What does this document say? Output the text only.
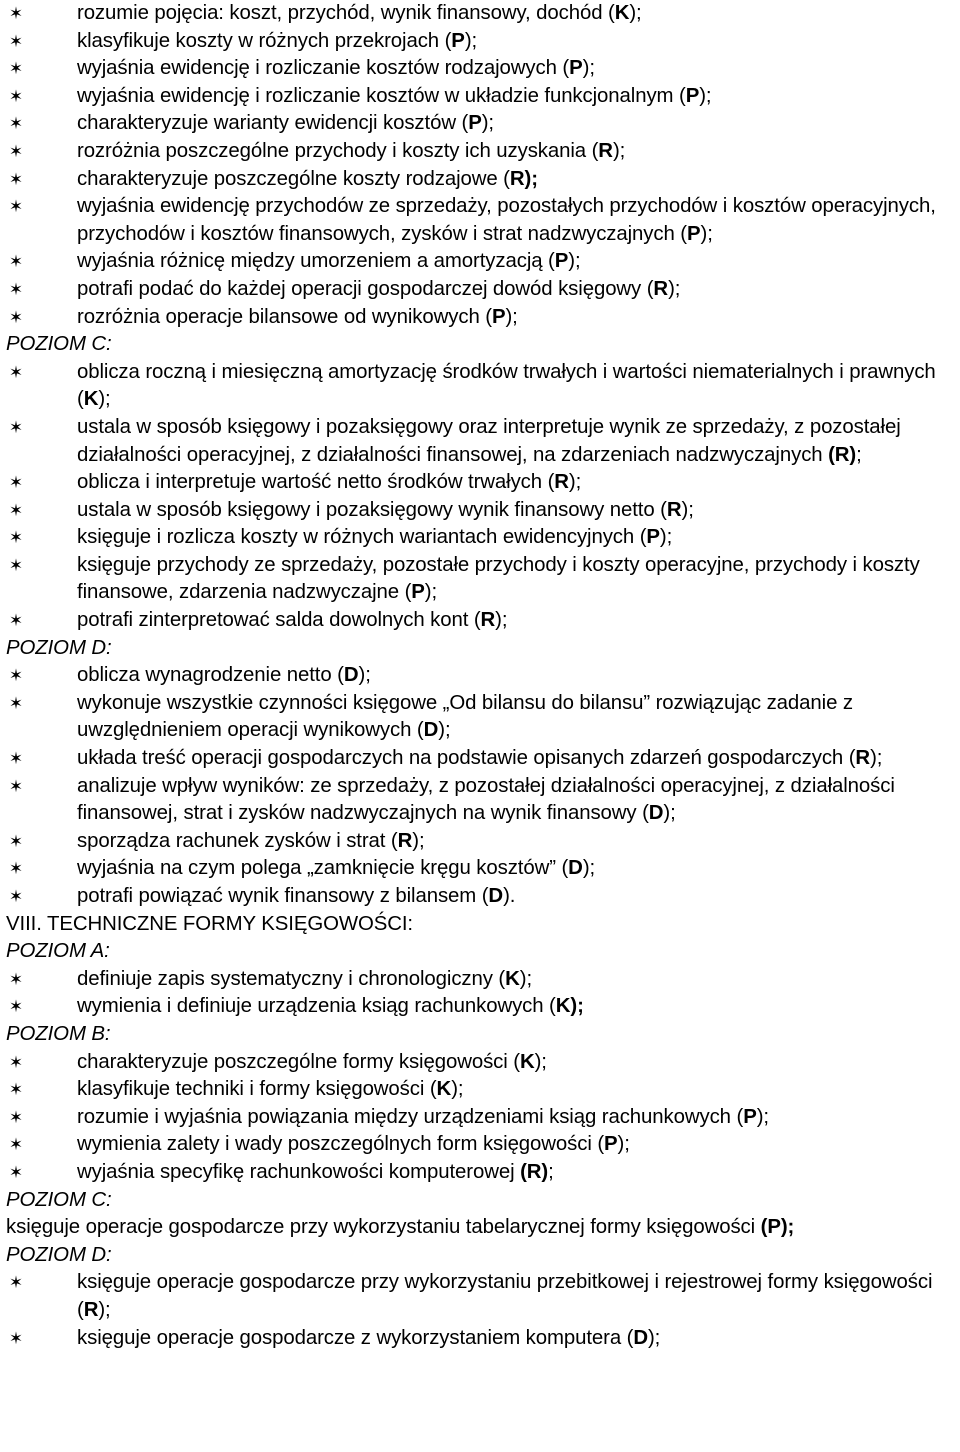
✶	rozumie pojęcia: koszt, przychód, wynik finansowy, dochód (K);
✶	klasyfikuje koszty w różnych przekrojach (P);
✶	wyjaśnia ewidencję i rozliczanie kosztów rodzajowych (P);
✶	wyjaśnia ewidencję i rozliczanie kosztów w układzie funkcjonalnym (P);
✶	charakteryzuje warianty ewidencji kosztów (P);
✶	rozróżnia poszczególne przychody i koszty ich uzyskania (R);
✶	charakteryzuje poszczególne koszty rodzajowe (R);
✶	wyjaśnia ewidencję przychodów ze sprzedaży, pozostałych przychodów i kosztów operacyjnych, przychodów i kosztów finansowych, zysków i strat nadzwyczajnych (P);
✶	wyjaśnia różnicę między umorzeniem a amortyzacją (P);
✶	potrafi podać do każdej operacji gospodarczej dowód księgowy (R);
✶	rozróżnia operacje bilansowe od wynikowych (P);
POZIOM C:
✶	oblicza roczną i miesięczną amortyzację środków trwałych i wartości niematerialnych i prawnych (K);
✶	ustala w sposób księgowy i pozaksięgowy oraz interpretuje wynik ze sprzedaży, z pozostałej działalności operacyjnej, z działalności finansowej, na zdarzeniach nadzwyczajnych (R);
✶	oblicza i interpretuje wartość netto środków trwałych (R);
✶	ustala w sposób księgowy i pozaksięgowy wynik finansowy netto (R);
✶	księguje i rozlicza koszty w różnych wariantach ewidencyjnych (P);
✶	księguje przychody ze sprzedaży, pozostałe przychody i koszty operacyjne, przychody i koszty finansowe, zdarzenia nadzwyczajne (P);
✶	potrafi zinterpretować salda dowolnych kont (R);
POZIOM D:
✶	oblicza wynagrodzenie netto (D);
✶	wykonuje wszystkie czynności księgowe „Od bilansu do bilansu” rozwiązując zadanie z uwzględnieniem operacji wynikowych (D);
✶	układa treść operacji gospodarczych na podstawie opisanych zdarzeń gospodarczych (R);
✶	analizuje wpływ wyników: ze sprzedaży, z pozostałej działalności operacyjnej, z działalności finansowej, strat i zysków nadzwyczajnych na wynik finansowy (D);
✶	sporządza rachunek zysków i strat (R);
✶	wyjaśnia na czym polega „zamknięcie kręgu kosztów” (D);
✶	potrafi powiązać wynik finansowy z bilansem (D).
VIII. TECHNICZNE FORMY KSIĘGOWOŚCI:
POZIOM A:
✶	definiuje zapis systematyczny i chronologiczny (K);
✶	wymienia i definiuje urządzenia ksiąg rachunkowych (K);
POZIOM B:
✶	charakteryzuje poszczególne formy księgowości (K);
✶	klasyfikuje techniki i formy księgowości (K);
✶	rozumie i wyjaśnia powiązania między urządzeniami ksiąg rachunkowych (P);
✶	wymienia zalety i wady poszczególnych form księgowości (P);
✶	wyjaśnia specyfikę rachunkowości komputerowej (R);
POZIOM C:
księguje operacje gospodarcze przy wykorzystaniu tabelarycznej formy księgowości (P);
POZIOM D:
✶	księguje operacje gospodarcze przy wykorzystaniu przebitkowej i rejestrowej formy księgowości (R);
✶	księguje operacje gospodarcze z wykorzystaniem komputera (D);
